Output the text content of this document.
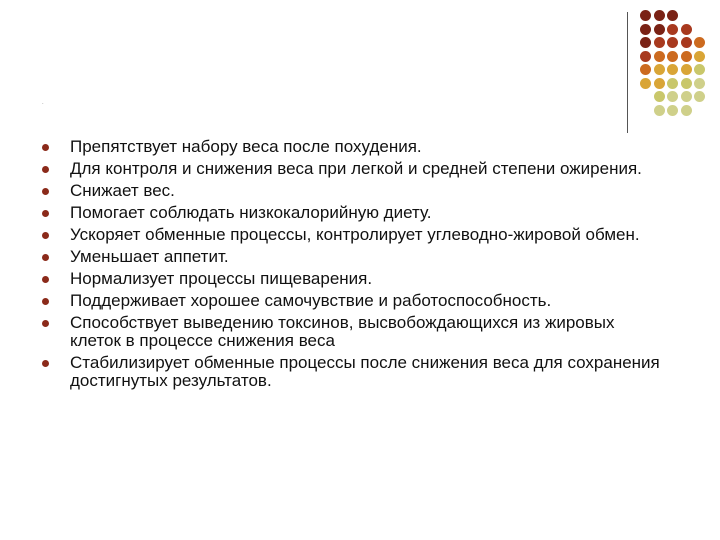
.
Препятствует набору веса после похудения.
Для контроля и снижения веса при легкой и средней степени ожирения.
Снижает вес.
Помогает соблюдать низкокалорийную диету.
Ускоряет обменные процессы, контролирует углеводно-жировой обмен.
Уменьшает аппетит.
Нормализует процессы пищеварения.
Поддерживает хорошее самочувствие и работоспособность.
Способствует выведению токсинов, высвобождающихся из жировых клеток в процессе снижения веса
Стабилизирует обменные процессы после снижения веса для сохранения достигнутых результатов.
